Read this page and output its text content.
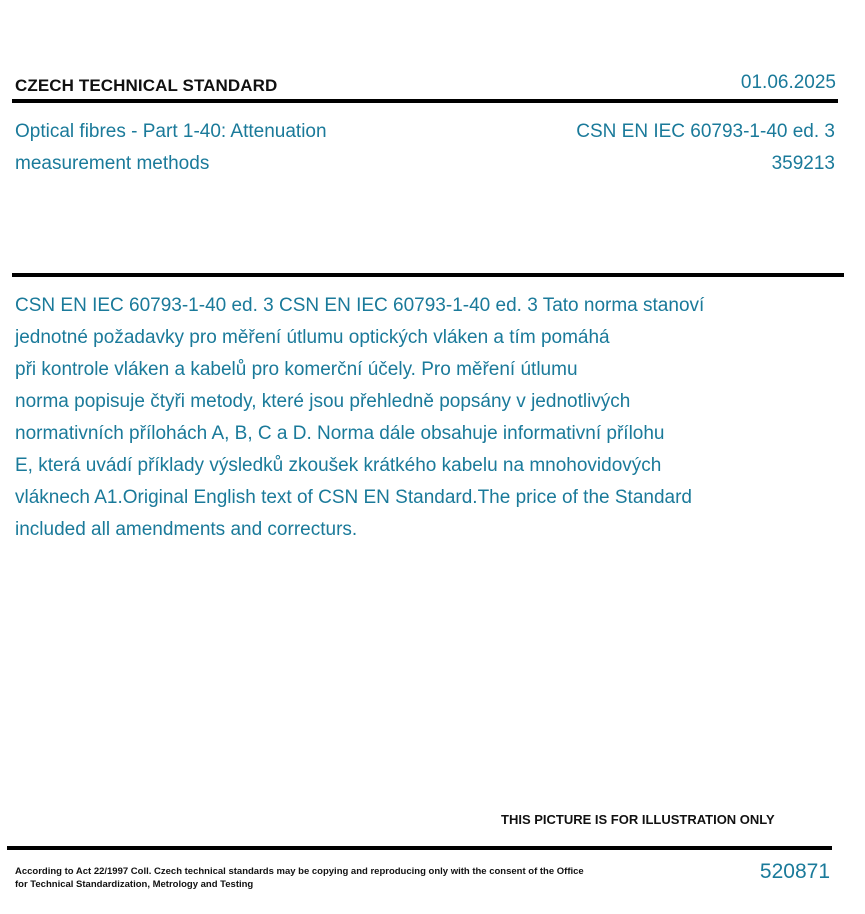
CZECH TECHNICAL STANDARD	01.06.2025
Optical fibres - Part 1-40: Attenuation
measurement methods
CSN EN IEC 60793-1-40 ed. 3
359213
CSN EN IEC 60793-1-40 ed. 3 CSN EN IEC 60793-1-40 ed. 3 Tato norma stanoví
jednotné požadavky pro měření útlumu optických vláken a tím pomáhá
při kontrole vláken a kabelů pro komerční účely. Pro měření útlumu
norma popisuje čtyři metody, které jsou přehledně popsány v jednotlivých
normativních přílohách A, B, C a D. Norma dále obsahuje informativní přílohu
E, která uvádí příklady výsledků zkoušek krátkého kabelu na mnohovidových
vláknech A1.Original English text of CSN EN Standard.The price of the Standard
included all amendments and correcturs.
THIS PICTURE IS FOR ILLUSTRATION ONLY
According to Act 22/1997 Coll. Czech technical standards may be copying and reproducing only with the consent of the Office
for Technical Standardization, Metrology and Testing
520871
